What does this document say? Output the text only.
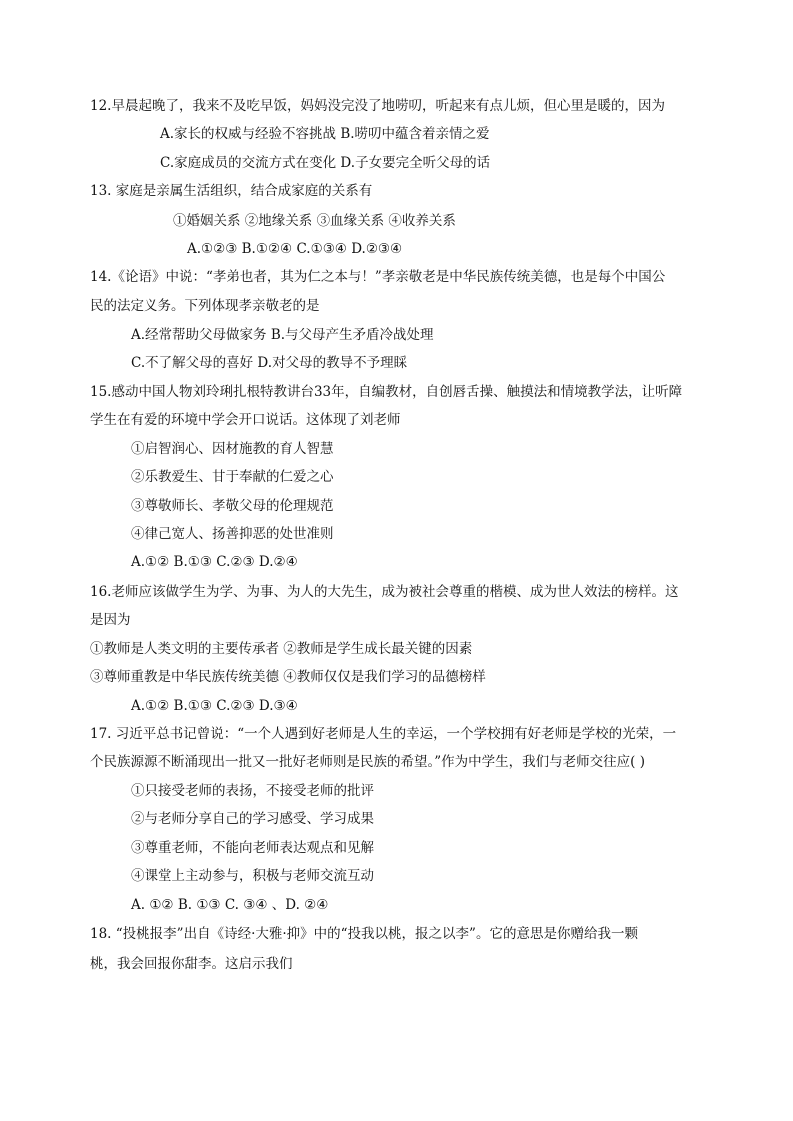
12.早晨起晚了，我来不及吃早饭，妈妈没完没了地唠叨，听起来有点儿烦，但心里是暖的，因为
A.家长的权威与经验不容挑战 B.唠叨中蕴含着亲情之爱
C.家庭成员的交流方式在变化 D.子女要完全听父母的话
13. 家庭是亲属生活组织，结合成家庭的关系有
①婚姻关系 ②地缘关系 ③血缘关系 ④收养关系
A.①②③ B.①②④ C.①③④ D.②③④
14.《论语》中说：“孝弟也者，其为仁之本与！”孝亲敬老是中华民族传统美德，也是每个中国公
民的法定义务。下列体现孝亲敬老的是
A.经常帮助父母做家务 B.与父母产生矛盾冷战处理
C.不了解父母的喜好 D.对父母的教导不予理睬
15.感动中国人物刘玲琍扎根特教讲台33年，自编教材，自创唇舌操、触摸法和情境教学法，让听障
学生在有爱的环境中学会开口说话。这体现了刘老师
①启智润心、因材施教的育人智慧
②乐教爱生、甘于奉献的仁爱之心
③尊敬师长、孝敬父母的伦理规范
④律己宽人、扬善抑恶的处世准则
A.①② B.①③ C.②③ D.②④
16.老师应该做学生为学、为事、为人的大先生，成为被社会尊重的楷模、成为世人效法的榜样。这
是因为
①教师是人类文明的主要传承者 ②教师是学生成长最关键的因素
③尊师重教是中华民族传统美德 ④教师仅仅是我们学习的品德榜样
A.①② B.①③ C.②③ D.③④
17. 习近平总书记曾说：“一个人遇到好老师是人生的幸运，一个学校拥有好老师是学校的光荣，一
个民族源源不断涌现出一批又一批好老师则是民族的希望。”作为中学生，我们与老师交往应( )
①只接受老师的表扬，不接受老师的批评
②与老师分享自己的学习感受、学习成果
③尊重老师，不能向老师表达观点和见解
④课堂上主动参与，积极与老师交流互动
A. ①② B. ①③ C. ③④ 、D. ②④
18. “投桃报李”出自《诗经·大雅·抑》中的“投我以桃，报之以李”。它的意思是你赠给我一颗
桃，我会回报你甜李。这启示我们
